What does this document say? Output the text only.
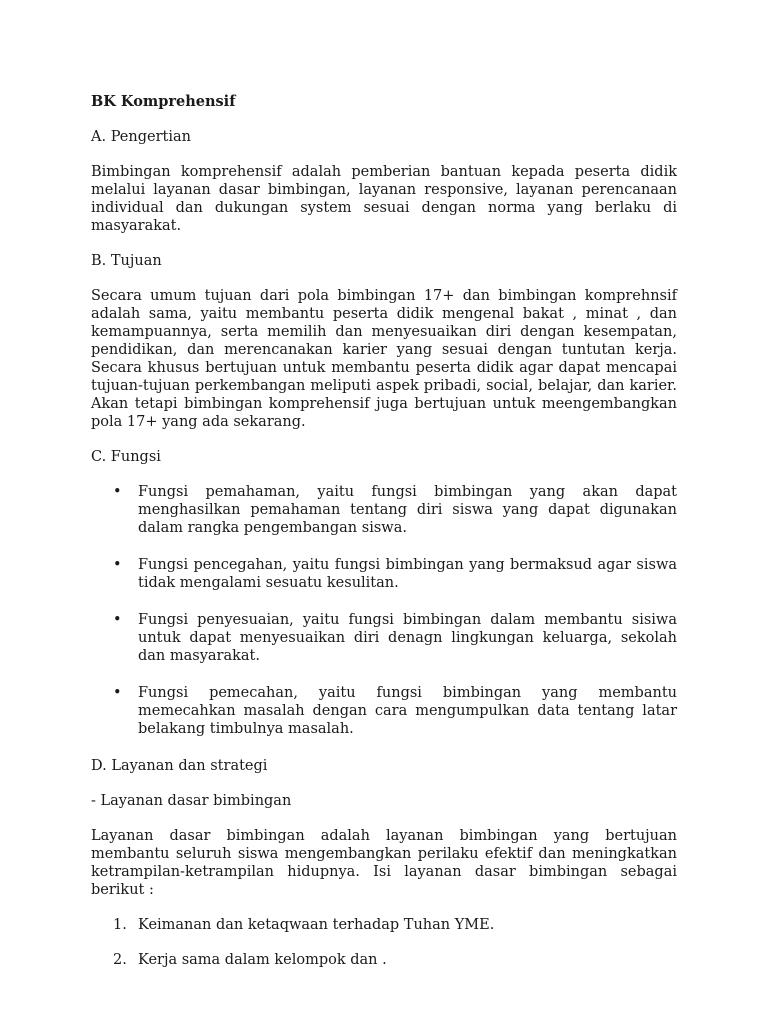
BK Komprehensif

A. Pengertian

Bimbingan komprehensif adalah pemberian bantuan kepada peserta didik melalui layanan dasar bimbingan, layanan responsive, layanan perencanaan individual dan dukungan system sesuai dengan norma yang berlaku di masyarakat.

B. Tujuan

Secara umum tujuan dari pola bimbingan 17+ dan bimbingan komprehnsif adalah sama, yaitu membantu peserta didik mengenal bakat , minat , dan kemampuannya, serta memilih dan menyesuaikan diri dengan kesempatan, pendidikan, dan merencanakan karier yang sesuai dengan tuntutan kerja. Secara khusus bertujuan untuk membantu peserta didik agar dapat mencapai tujuan-tujuan perkembangan meliputi aspek pribadi, social, belajar, dan karier. Akan tetapi bimbingan komprehensif juga bertujuan untuk meengembangkan pola 17+ yang ada sekarang.

C. Fungsi

• Fungsi pemahaman, yaitu fungsi bimbingan yang akan dapat menghasilkan pemahaman tentang diri siswa yang dapat digunakan dalam rangka pengembangan siswa.
• Fungsi pencegahan, yaitu fungsi bimbingan yang bermaksud agar siswa tidak mengalami sesuatu kesulitan.
• Fungsi penyesuaian, yaitu fungsi bimbingan dalam membantu sisiwa untuk dapat menyesuaikan diri denagn lingkungan keluarga, sekolah dan masyarakat.
• Fungsi pemecahan, yaitu fungsi bimbingan yang membantu memecahkan masalah dengan cara mengumpulkan data tentang latar belakang timbulnya masalah.

D. Layanan dan strategi

- Layanan dasar bimbingan

Layanan dasar bimbingan adalah layanan bimbingan yang bertujuan membantu seluruh siswa mengembangkan perilaku efektif dan meningkatkan ketrampilan-ketrampilan hidupnya. Isi layanan dasar bimbingan sebagai berikut :

1. Keimanan dan ketaqwaan terhadap Tuhan YME.
2. Kerja sama dalam kelompok dan .
